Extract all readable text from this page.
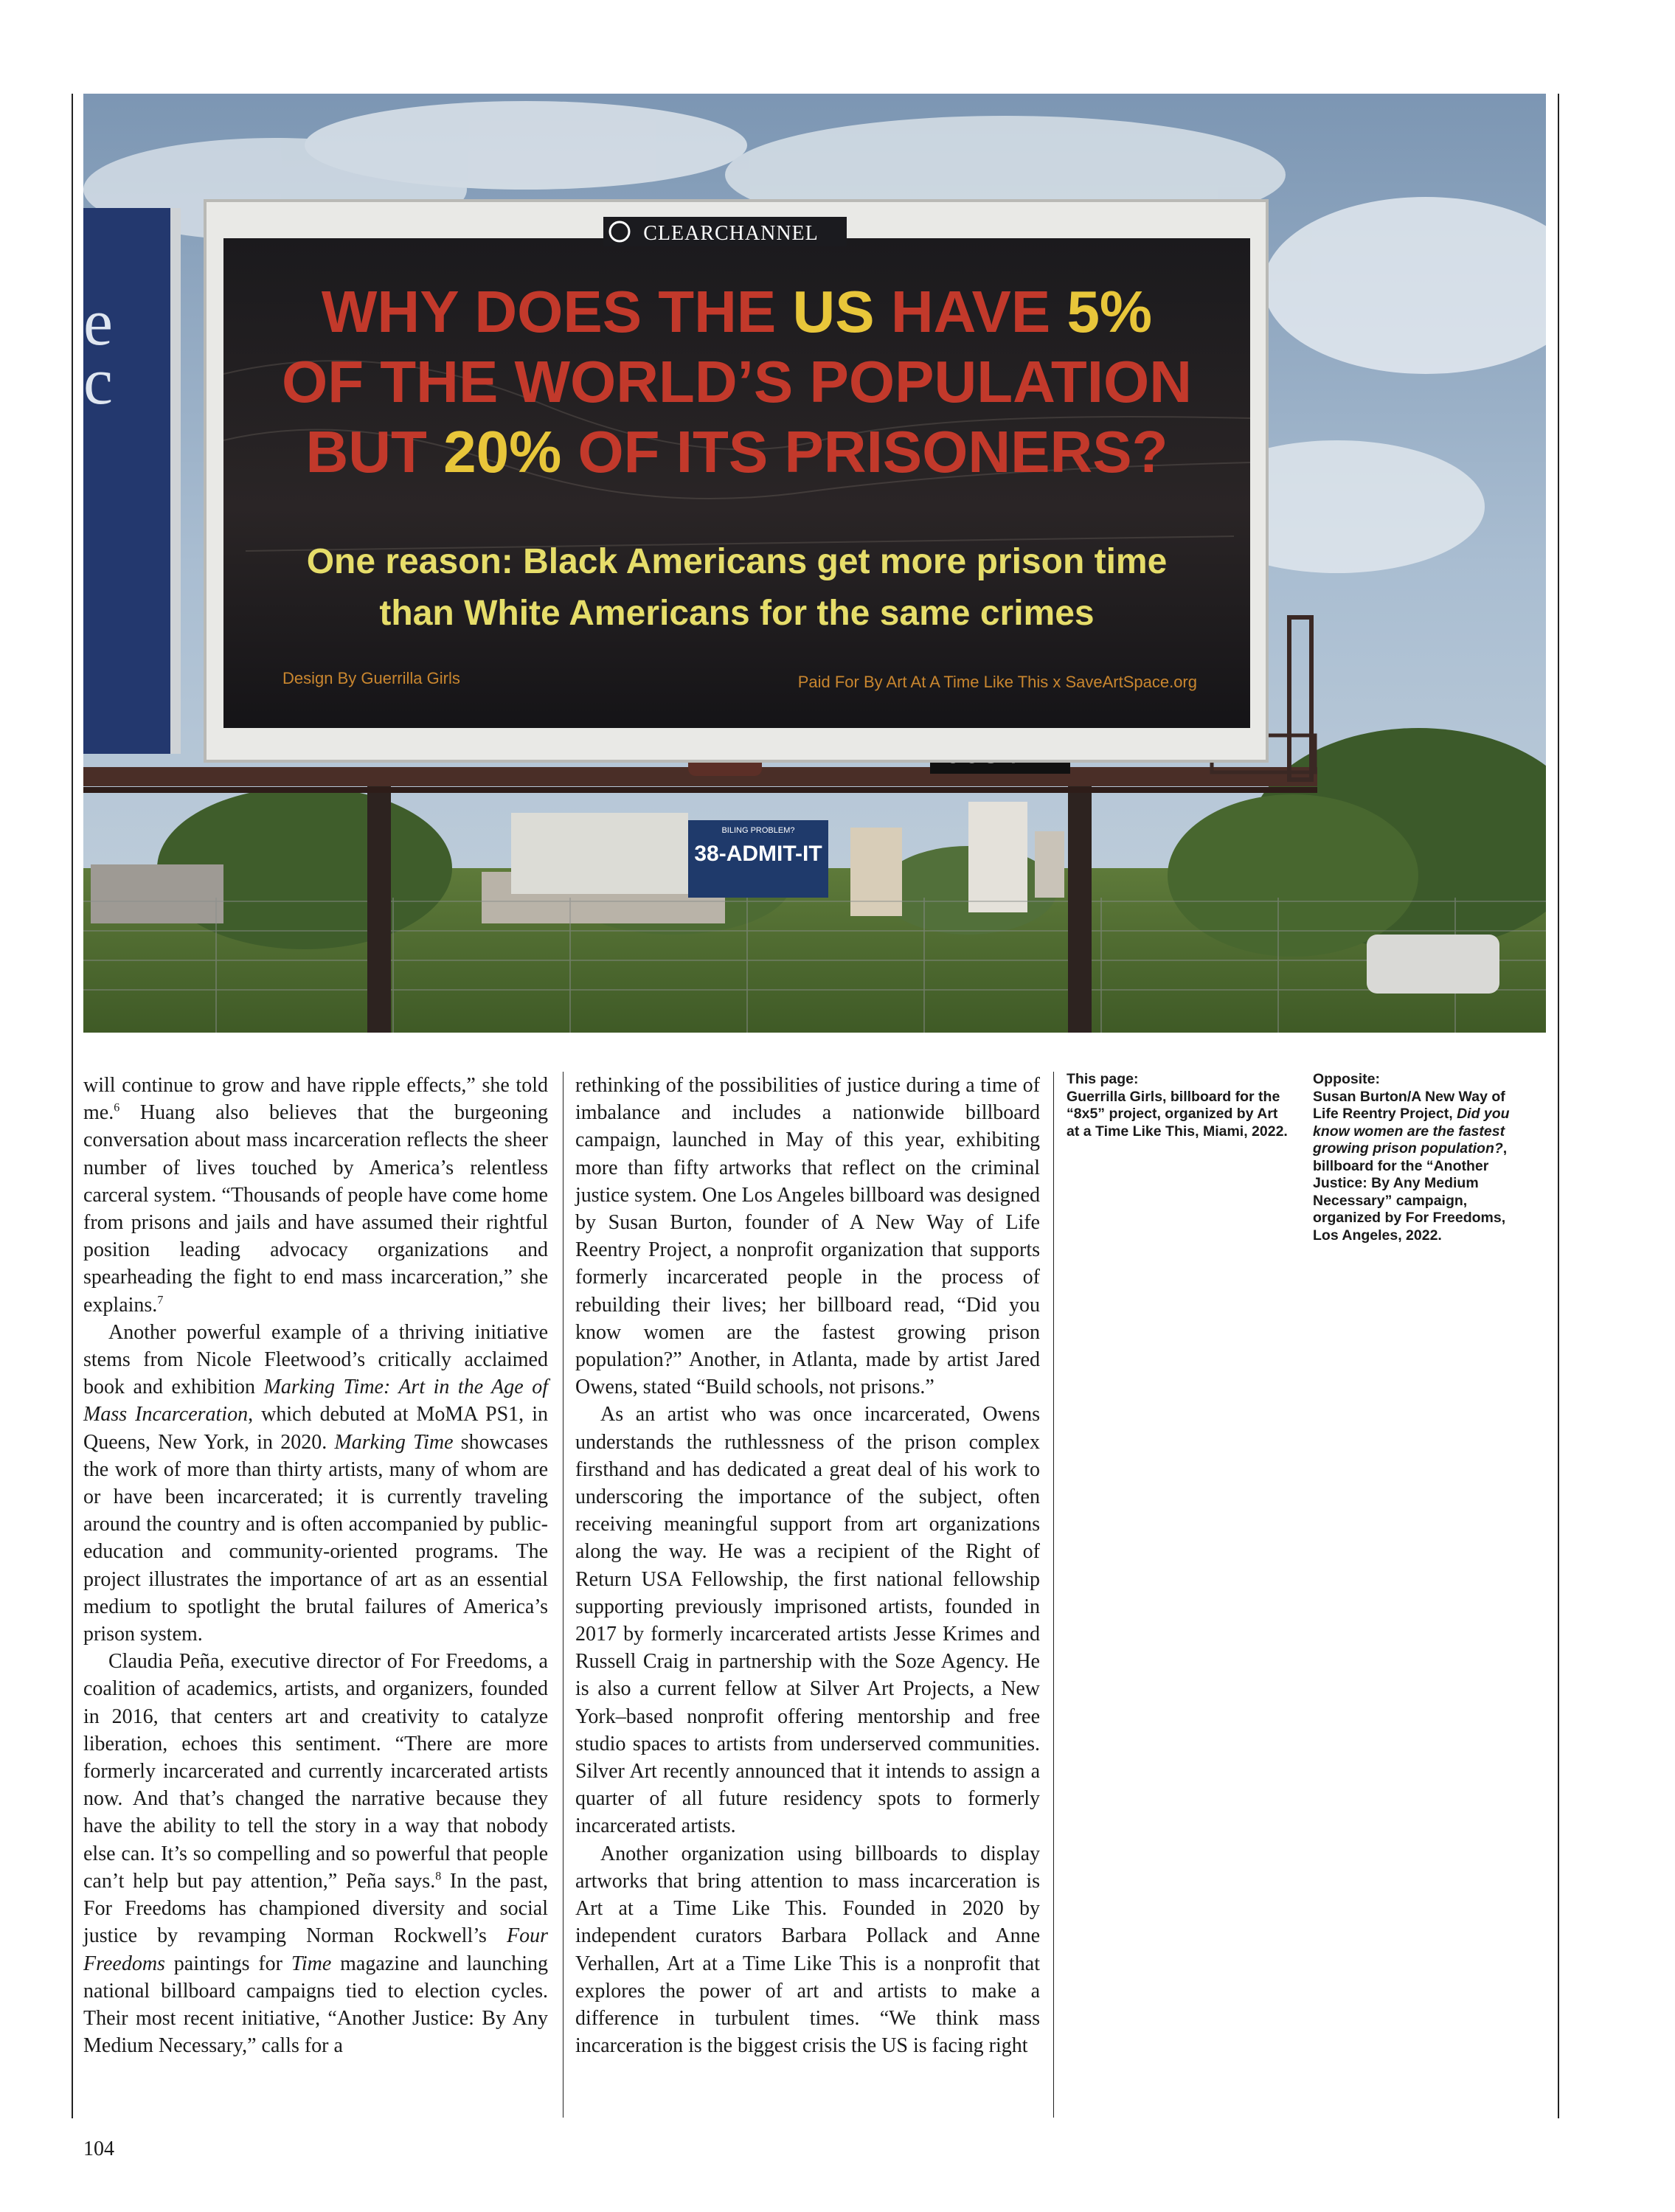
BILING PROBLEM?
38-ADMIT-IT
e
c
CLEARCHANNEL
WHY DOES THE US HAVE 5%
OF THE WORLD’S POPULATION
BUT 20% OF ITS PRISONERS?
One reason: Black Americans get more prison time
than White Americans for the same crimes
Design By Guerrilla Girls	Paid For By Art At A Time Like This x SaveArtSpace.org

will continue to grow and have ripple effects,” she told me.$^6$ Huang also believes that the burgeoning conversation about mass incarceration reflects the sheer number of lives touched by America’s relentless carceral system. “Thousands of people have come home from prisons and jails and have assumed their rightful position leading advocacy organizations and spearheading the fight to end mass incarceration,” she explains.$^7$

Another powerful example of a thriving initiative stems from Nicole Fleetwood’s critically acclaimed book and exhibition Marking Time: Art in the Age of Mass Incarceration, which debuted at MoMA PS1, in Queens, New York, in 2020. Marking Time showcases the work of more than thirty artists, many of whom are or have been incarcerated; it is currently traveling around the country and is often accompanied by public-education and community-oriented programs. The project illustrates the importance of art as an essential medium to spotlight the brutal failures of America’s prison system.

Claudia Peña, executive director of For Freedoms, a coalition of academics, artists, and organizers, founded in 2016, that centers art and creativity to catalyze liberation, echoes this sentiment. “There are more formerly incarcerated and currently incarcerated artists now. And that’s changed the narrative because they have the ability to tell the story in a way that nobody else can. It’s so compelling and so powerful that people can’t help but pay attention,” Peña says.$^8$ In the past, For Freedoms has championed diversity and social justice by revamping Norman Rockwell’s Four Freedoms paintings for Time magazine and launching national billboard campaigns tied to election cycles. Their most recent initiative, “Another Justice: By Any Medium Necessary,” calls for a

rethinking of the possibilities of justice during a time of imbalance and includes a nationwide billboard campaign, launched in May of this year, exhibiting more than fifty artworks that reflect on the criminal justice system. One Los Angeles billboard was designed by Susan Burton, founder of A New Way of Life Reentry Project, a nonprofit organization that supports formerly incarcerated people in the process of rebuilding their lives; her billboard read, “Did you know women are the fastest growing prison population?” Another, in Atlanta, made by artist Jared Owens, stated “Build schools, not prisons.”

As an artist who was once incarcerated, Owens understands the ruthlessness of the prison complex firsthand and has dedicated a great deal of his work to underscoring the importance of the subject, often receiving meaningful support from art organizations along the way. He was a recipient of the Right of Return USA Fellowship, the first national fellowship supporting previously imprisoned artists, founded in 2017 by formerly incarcerated artists Jesse Krimes and Russell Craig in partnership with the Soze Agency. He is also a current fellow at Silver Art Projects, a New York–based nonprofit offering mentorship and free studio spaces to artists from underserved communities. Silver Art recently announced that it intends to assign a quarter of all future residency spots to formerly incarcerated artists.

Another organization using billboards to display artworks that bring attention to mass incarceration is Art at a Time Like This. Founded in 2020 by independent curators Barbara Pollack and Anne Verhallen, Art at a Time Like This is a nonprofit that explores the power of art and artists to make a difference in turbulent times. “We think mass incarceration is the biggest crisis the US is facing right

This page:
Guerrilla Girls, billboard for the “8x5” project, organized by Art at a Time Like This, Miami, 2022.
Opposite:
Susan Burton/A New Way of Life Reentry Project, Did you know women are the fastest growing prison population?, billboard for the “Another Justice: By Any Medium Necessary” campaign, organized by For Freedoms, Los Angeles, 2022.
104
